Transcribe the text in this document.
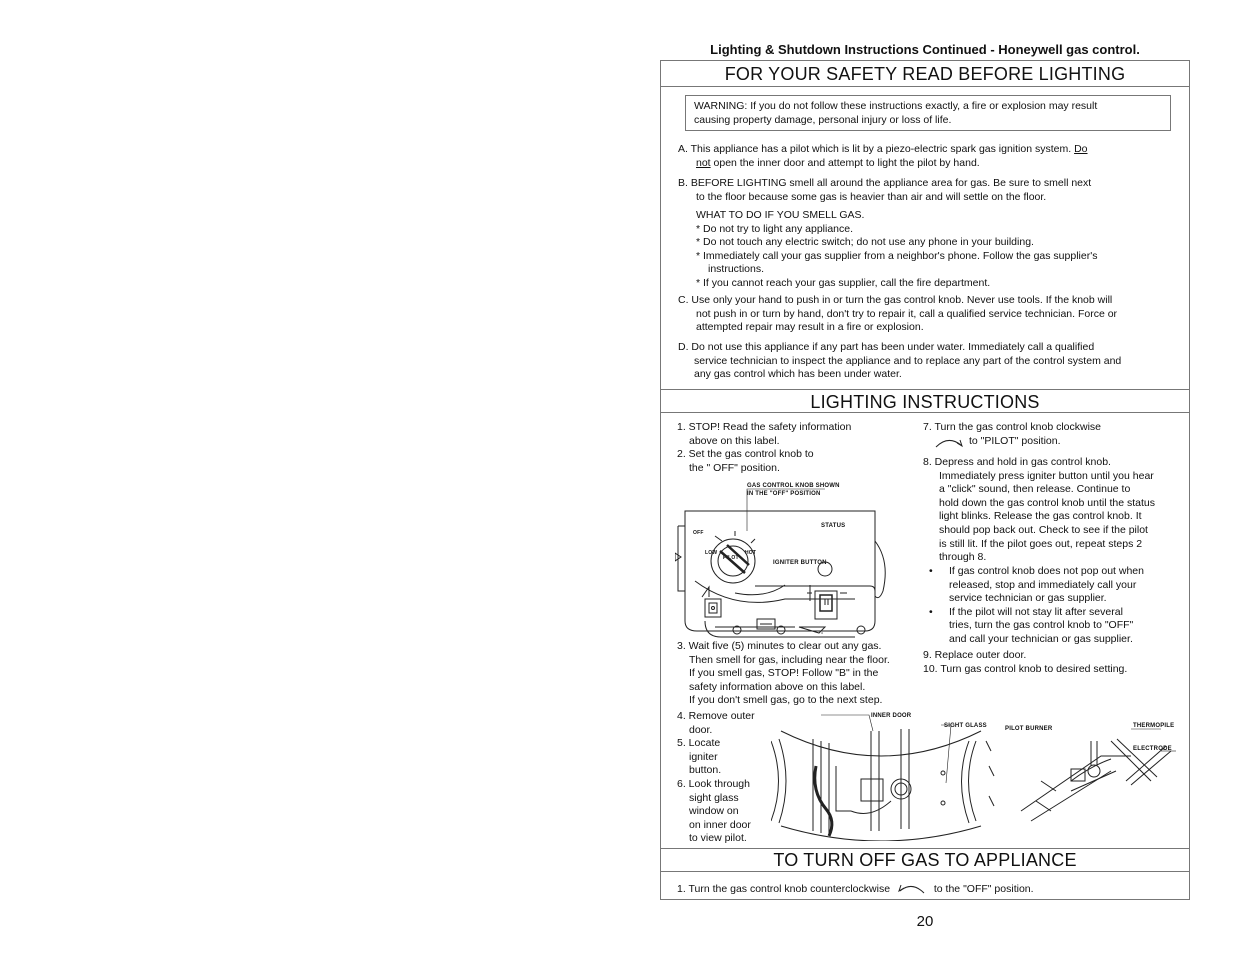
Lighting & Shutdown Instructions Continued - Honeywell gas control.
FOR YOUR SAFETY READ BEFORE LIGHTING
WARNING: If you do not follow these instructions exactly, a fire or explosion may result
causing property damage, personal injury or loss of life.
A. This appliance has a pilot which is lit by a piezo-electric spark gas ignition system. Do
not open the inner door and attempt to light the pilot by hand.
B. BEFORE LIGHTING smell all around the appliance area for gas. Be sure to smell next
to the floor because some gas is heavier than air and will settle on the floor.
WHAT TO DO IF YOU SMELL GAS.
* Do not try to light any appliance.
* Do not touch any electric switch; do not use any phone in your building.
* Immediately call your gas supplier from a neighbor's phone. Follow the gas supplier's
instructions.
* If you cannot reach your gas supplier, call the fire department.
C. Use only your hand to push in or turn the gas control knob. Never use tools. If the knob will
not push in or turn by hand, don't try to repair it, call a qualified service technician. Force or
attempted repair may result in a fire or explosion.
D. Do not use this appliance if any part has been under water. Immediately call a qualified
service technician to inspect the appliance and to replace any part of the control system and
any gas control which has been under water.
LIGHTING INSTRUCTIONS
1. STOP! Read the safety information
above on this label.
2. Set the gas control knob to
the " OFF" position.
GAS CONTROL KNOB SHOWN
IN THE "OFF" POSITION
STATUS
IGNITER BUTTON
PILOT
OFF
LOW	HOT
3. Wait five (5) minutes to clear out any gas.
Then smell for gas, including near the floor.
If you smell gas, STOP! Follow "B" in the
safety information above on this label.
If you don't smell gas, go to the next step.
4. Remove outer
door.
5. Locate
igniter
button.
6. Look through
sight glass
window on
on inner door
to view pilot.
INNER DOOR
SIGHT GLASS	PILOT BURNER	THERMOPILE
ELECTRODE
7. Turn the gas control knob clockwise
to "PILOT" position.
8. Depress and hold in gas control knob.
Immediately press igniter button until you hear
a "click" sound, then release. Continue to
hold down the gas control knob until the status
light blinks. Release the gas control knob. It
should pop back out. Check to see if the pilot
is still lit. If the pilot goes out, repeat steps 2
through 8.
• If gas control knob does not pop out when
released, stop and immediately call your
service technician or gas supplier.
• If the pilot will not stay lit after several
tries, turn the gas control knob to "OFF"
and call your technician or gas supplier.
9. Replace outer door.
10. Turn gas control knob to desired setting.
TO TURN OFF GAS TO APPLIANCE
1. Turn the gas control knob counterclockwise	to the "OFF" position.
20
